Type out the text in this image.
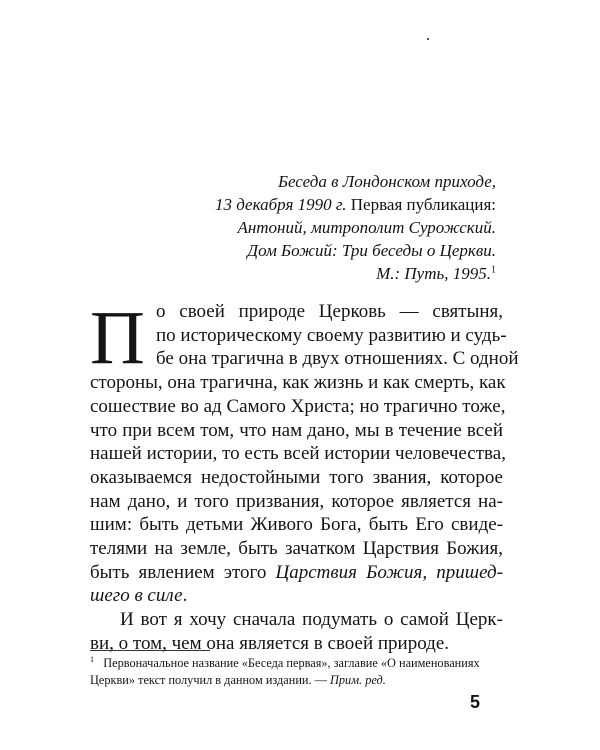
Беседа в Лондонском приходе,
13 декабря 1990 г. Первая публикация:
Антоний, митрополит Сурожский.
Дом Божий: Три беседы о Церкви.
М.: Путь, 1995.$^1$
П о своей природе Церковь — святыня,
по историческому своему развитию и судь-
бе она трагична в двух отношениях. С одной
стороны, она трагична, как жизнь и как смерть, как
сошествие во ад Самого Христа; но трагично тоже,
что при всем том, что нам дано, мы в течение всей
нашей истории, то есть всей истории человечества,
оказываемся недостойными того звания, которое
нам дано, и того призвания, которое является на-
шим: быть детьми Живого Бога, быть Его свиде-
телями на земле, быть зачатком Царствия Божия,
быть явлением этого Царствия Божия, пришед-
шего в силе.
И вот я хочу сначала подумать о самой Церк-
ви, о том, чем она является в своей природе.
$^1$ Первоначальное название «Беседа первая», заглавие «О наименованиях
Церкви» текст получил в данном издании. — Прим. ред.
5
